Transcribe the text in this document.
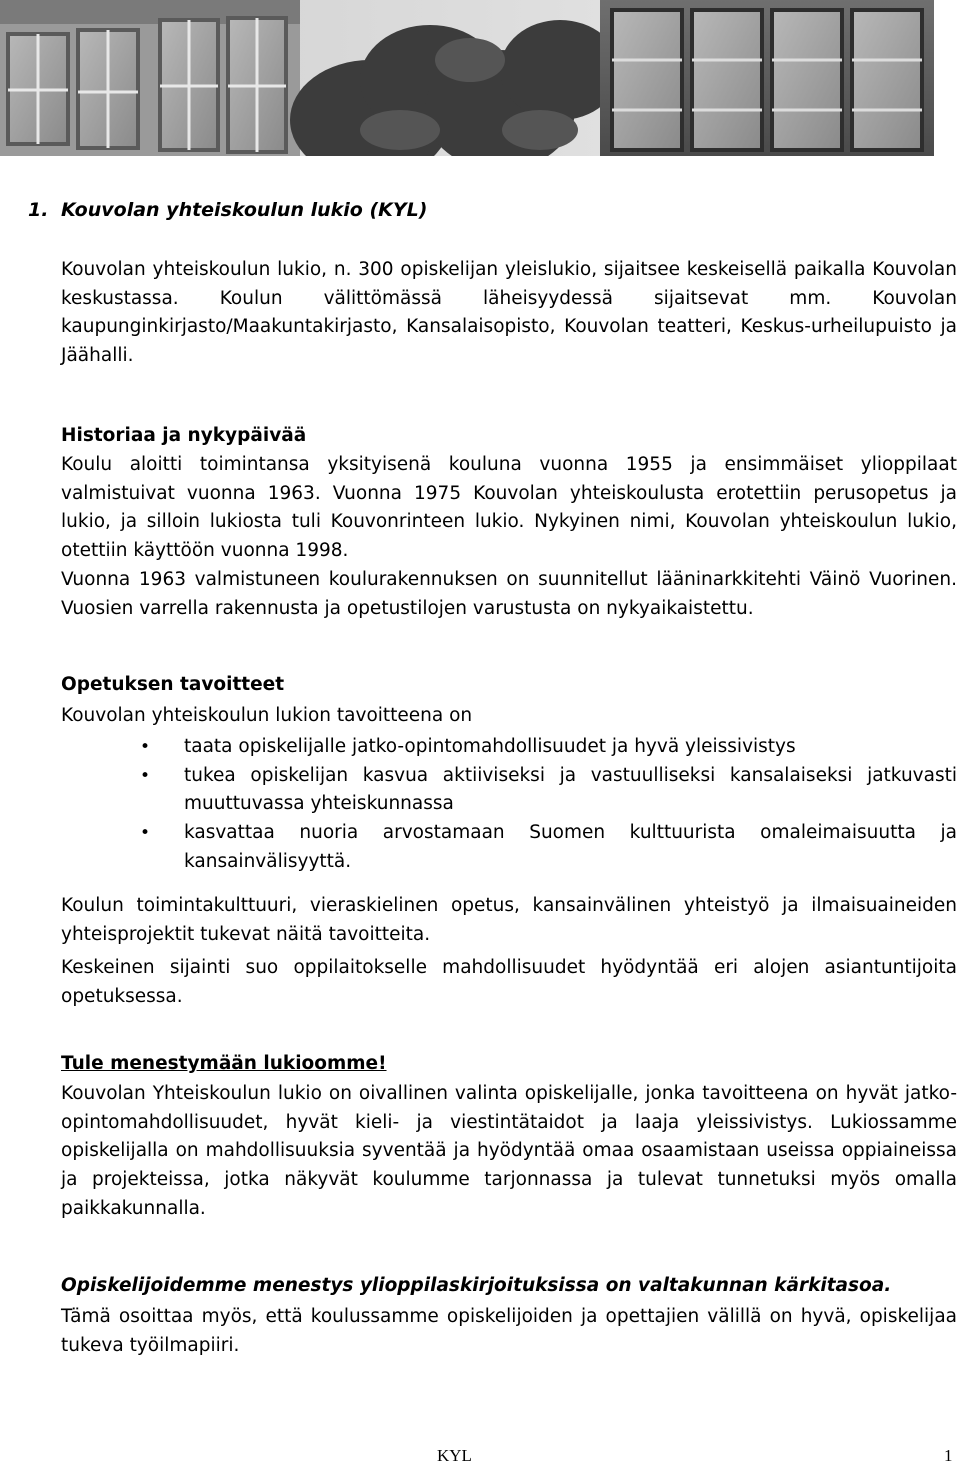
1. Kouvolan yhteiskoulun lukio (KYL)
Kouvolan yhteiskoulun lukio, n. 300 opiskelijan yleislukio, sijaitsee keskeisellä paikalla Kouvolan keskustassa. Koulun välittömässä läheisyydessä sijaitsevat mm. Kouvolan kaupunginkirjasto/Maakuntakirjasto, Kansalaisopisto, Kouvolan teatteri, Keskus-urheilupuisto ja Jäähalli.
Historiaa ja nykypäivää
Koulu aloitti toimintansa yksityisenä kouluna vuonna 1955 ja ensimmäiset ylioppilaat valmistuivat vuonna 1963. Vuonna 1975 Kouvolan yhteiskoulusta erotettiin perusopetus ja lukio, ja silloin lukiosta tuli Kouvonrinteen lukio. Nykyinen nimi, Kouvolan yhteiskoulun lukio, otettiin käyttöön vuonna 1998.
Vuonna 1963 valmistuneen koulurakennuksen on suunnitellut lääninarkkitehti Väinö Vuorinen. Vuosien varrella rakennusta ja opetustilojen varustusta on nykyaikaistettu.
Opetuksen tavoitteet
Kouvolan yhteiskoulun lukion tavoitteena on
• taata opiskelijalle jatko-opintomahdollisuudet ja hyvä yleissivistys
• tukea opiskelijan kasvua aktiiviseksi ja vastuulliseksi kansalaiseksi jatkuvasti muuttuvassa yhteiskunnassa
• kasvattaa nuoria arvostamaan Suomen kulttuurista omaleimaisuutta ja kansainvälisyyttä.
Koulun toimintakulttuuri, vieraskielinen opetus, kansainvälinen yhteistyö ja ilmaisuaineiden yhteisprojektit tukevat näitä tavoitteita.
Keskeinen sijainti suo oppilaitokselle mahdollisuudet hyödyntää eri alojen asiantuntijoita opetuksessa.
Tule menestymään lukioomme!
Kouvolan Yhteiskoulun lukio on oivallinen valinta opiskelijalle, jonka tavoitteena on hyvät jatko-opintomahdollisuudet, hyvät kieli- ja viestintätaidot ja laaja yleissivistys. Lukiossamme opiskelijalla on mahdollisuuksia syventää ja hyödyntää omaa osaamistaan useissa oppiaineissa ja projekteissa, jotka näkyvät koulumme tarjonnassa ja tulevat tunnetuksi myös omalla paikkakunnalla.
Opiskelijoidemme menestys ylioppilaskirjoituksissa on valtakunnan kärkitasoa.
Tämä osoittaa myös, että koulussamme opiskelijoiden ja opettajien välillä on hyvä, opiskelijaa tukeva työilmapiiri.
KYL	1
